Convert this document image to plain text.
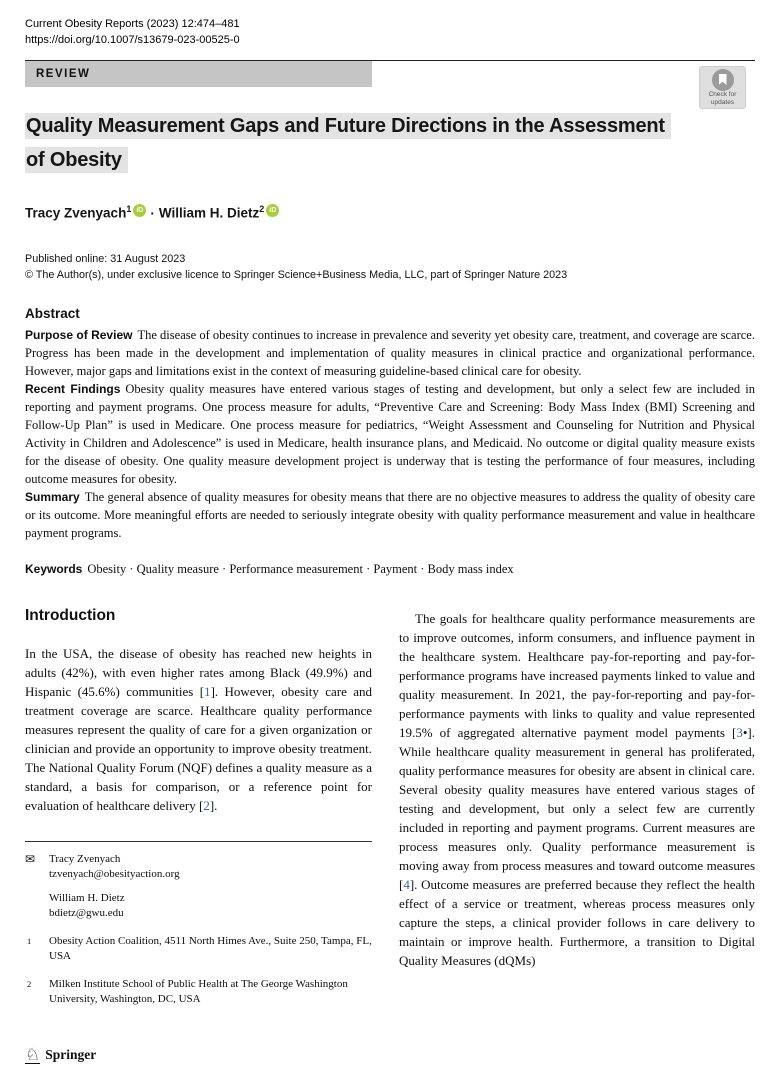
Current Obesity Reports (2023) 12:474–481
https://doi.org/10.1007/s13679-023-00525-0
REVIEW
Check for
updates
Quality Measurement Gaps and Future Directions in the Assessment
of Obesity
Tracy Zvenyach$^1$ iD · William H. Dietz$^2$ iD
Published online: 31 August 2023
© The Author(s), under exclusive licence to Springer Science+Business Media, LLC, part of Springer Nature 2023
Abstract

Purpose of Review The disease of obesity continues to increase in prevalence and severity yet obesity care, treatment, and coverage are scarce. Progress has been made in the development and implementation of quality measures in clinical practice and organizational performance. However, major gaps and limitations exist in the context of measuring guideline-based clinical care for obesity.

Recent Findings Obesity quality measures have entered various stages of testing and development, but only a select few are included in reporting and payment programs. One process measure for adults, “Preventive Care and Screening: Body Mass Index (BMI) Screening and Follow-Up Plan” is used in Medicare. One process measure for pediatrics, “Weight Assessment and Counseling for Nutrition and Physical Activity in Children and Adolescence” is used in Medicare, health insurance plans, and Medicaid. No outcome or digital quality measure exists for the disease of obesity. One quality measure development project is underway that is testing the performance of four measures, including outcome measures for obesity.

Summary The general absence of quality measures for obesity means that there are no objective measures to address the quality of obesity care or its outcome. More meaningful efforts are needed to seriously integrate obesity with quality performance measurement and value in healthcare payment programs.

Keywords Obesity · Quality measure · Performance measurement · Payment · Body mass index

Introduction

In the USA, the disease of obesity has reached new heights in adults (42%), with even higher rates among Black (49.9%) and Hispanic (45.6%) communities [1]. However, obesity care and treatment coverage are scarce. Healthcare quality performance measures represent the quality of care for a given organization or clinician and provide an opportunity to improve obesity treatment. The National Quality Forum (NQF) defines a quality measure as a standard, a basis for comparison, or a reference point for evaluation of healthcare delivery [2].

✉	Tracy Zvenyach
tzvenyach@obesityaction.org
William H. Dietz
bdietz@gwu.edu
1	Obesity Action Coalition, 4511 North Himes Ave., Suite 250, Tampa, FL, USA
2	Milken Institute School of Public Health at The George Washington University, Washington, DC, USA

The goals for healthcare quality performance measurements are to improve outcomes, inform consumers, and influence payment in the healthcare system. Healthcare pay-for-reporting and pay-for-performance programs have increased payments linked to value and quality measurement. In 2021, the pay-for-reporting and pay-for-performance payments with links to quality and value represented 19.5% of aggregated alternative payment model payments [3•]. While healthcare quality measurement in general has proliferated, quality performance measures for obesity are absent in clinical care. Several obesity quality measures have entered various stages of testing and development, but only a select few are currently included in reporting and payment programs. Current measures are process measures only. Quality performance measurement is moving away from process measures and toward outcome measures [4]. Outcome measures are preferred because they reflect the health effect of a service or treatment, whereas process measures only capture the steps, a clinical provider follows in care delivery to maintain or improve health. Furthermore, a transition to Digital Quality Measures (dQMs)

♘ Springer
